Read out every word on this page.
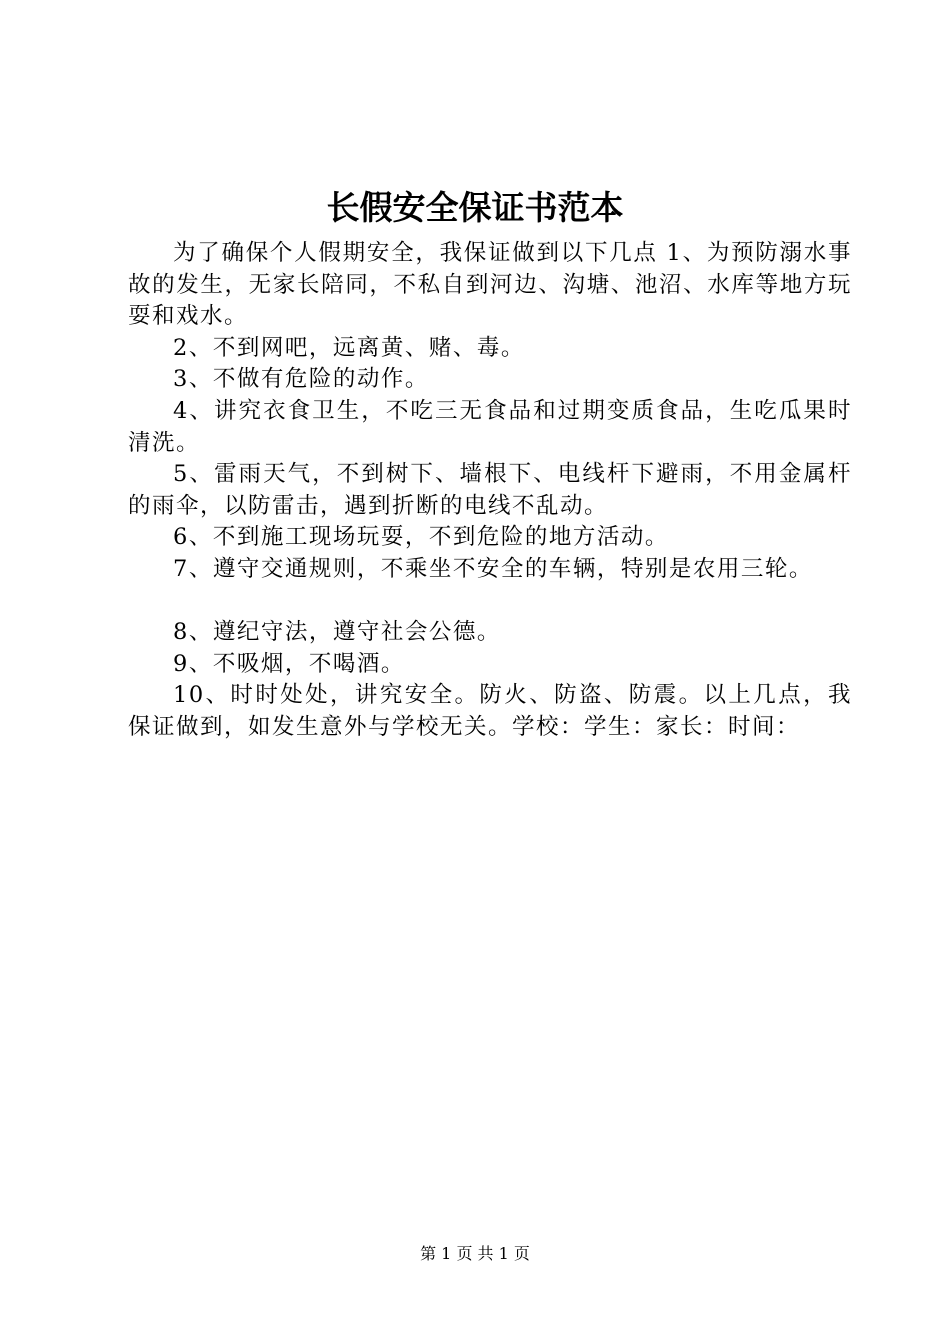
长假安全保证书范本

为了确保个人假期安全，我保证做到以下几点 1、为预防溺水事故的发生，无家长陪同，不私自到河边、沟塘、池沼、水库等地方玩耍和戏水。

2、不到网吧，远离黄、赌、毒。

3、不做有危险的动作。

4、讲究衣食卫生，不吃三无食品和过期变质食品，生吃瓜果时清洗。

5、雷雨天气，不到树下、墙根下、电线杆下避雨，不用金属杆的雨伞，以防雷击，遇到折断的电线不乱动。

6、不到施工现场玩耍，不到危险的地方活动。

7、遵守交通规则，不乘坐不安全的车辆，特别是农用三轮。

8、遵纪守法，遵守社会公德。

9、不吸烟，不喝酒。

10、时时处处，讲究安全。防火、防盗、防震。以上几点，我保证做到，如发生意外与学校无关。学校：学生：家长：时间：

第 1 页 共 1 页
